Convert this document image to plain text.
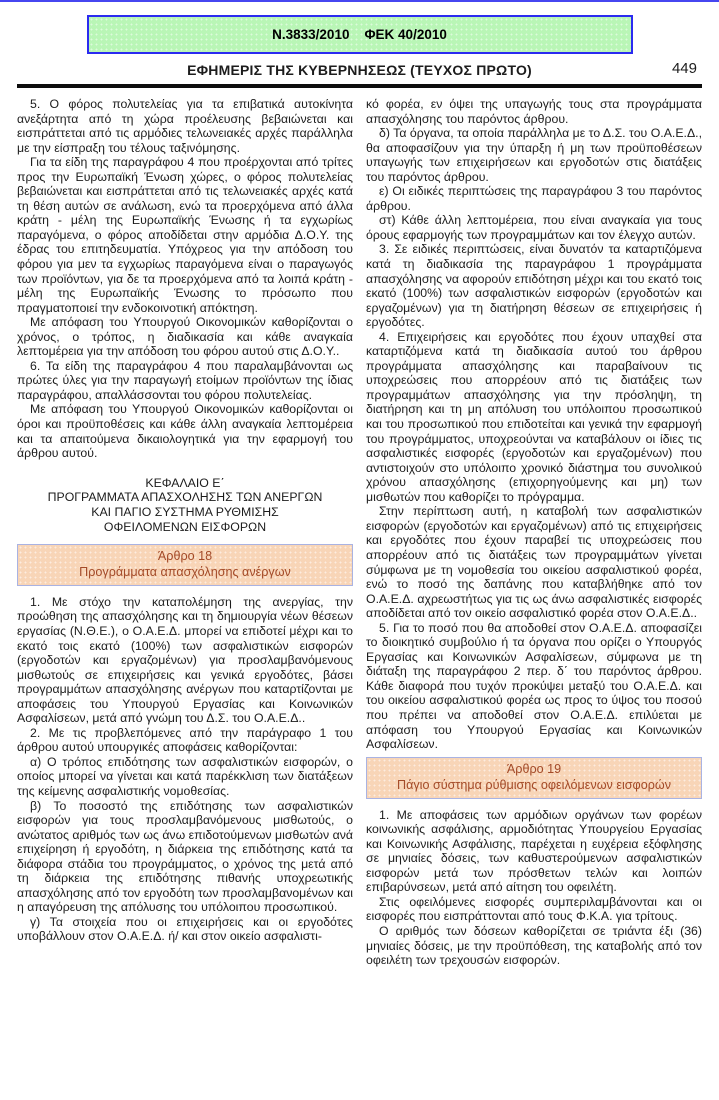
Ν.3833/2010 ΦΕΚ 40/2010
ΕΦΗΜΕΡΙΣ ΤΗΣ ΚΥΒΕΡΝΗΣΕΩΣ (ΤΕΥΧΟΣ ΠΡΩΤΟ)	449

5. Ο φόρος πολυτελείας για τα επιβατικά αυτοκίνητα ανεξάρτητα από τη χώρα προέλευσης βεβαιώνεται και εισπράττεται από τις αρμόδιες τελωνειακές αρχές παράλληλα με την είσπραξη του τέλους ταξινόμησης.

Για τα είδη της παραγράφου 4 που προέρχονται από τρίτες προς την Ευρωπαϊκή Ένωση χώρες, ο φόρος πολυτελείας βεβαιώνεται και εισπράττεται από τις τελωνειακές αρχές κατά τη θέση αυτών σε ανάλωση, ενώ τα προερχόμενα από άλλα κράτη - μέλη της Ευρωπαϊκής Ένωσης ή τα εγχωρίως παραγόμενα, ο φόρος αποδίδεται στην αρμόδια Δ.Ο.Υ. της έδρας του επιτηδευματία. Υπόχρεος για την απόδοση του φόρου για μεν τα εγχωρίως παραγόμενα είναι ο παραγωγός των προϊόντων, για δε τα προερχόμενα από τα λοιπά κράτη - μέλη της Ευρωπαϊκής Ένωσης το πρόσωπο που πραγματοποιεί την ενδοκοινοτική απόκτηση.

Με απόφαση του Υπουργού Οικονομικών καθορίζονται ο χρόνος, ο τρόπος, η διαδικασία και κάθε αναγκαία λεπτομέρεια για την απόδοση του φόρου αυτού στις Δ.Ο.Υ..

6. Τα είδη της παραγράφου 4 που παραλαμβάνονται ως πρώτες ύλες για την παραγωγή ετοίμων προϊόντων της ίδιας παραγράφου, απαλλάσσονται του φόρου πολυτελείας.

Με απόφαση του Υπουργού Οικονομικών καθορίζονται οι όροι και προϋποθέσεις και κάθε άλλη αναγκαία λεπτομέρεια και τα απαιτούμενα δικαιολογητικά για την εφαρμογή του άρθρου αυτού.

ΚΕΦΑΛΑΙΟ Ε΄
ΠΡΟΓΡΑΜΜΑΤΑ ΑΠΑΣΧΟΛΗΣΗΣ ΤΩΝ ΑΝΕΡΓΩΝ
ΚΑΙ ΠΑΓΙΟ ΣΥΣΤΗΜΑ ΡΥΘΜΙΣΗΣ
ΟΦΕΙΛΟΜΕΝΩΝ ΕΙΣΦΟΡΩΝ
Άρθρο 18
Προγράμματα απασχόλησης ανέργων

1. Με στόχο την καταπολέμηση της ανεργίας, την προώθηση της απασχόλησης και τη δημιουργία νέων θέσεων εργασίας (Ν.Θ.Ε.), ο Ο.Α.Ε.Δ. μπορεί να επιδοτεί μέχρι και το εκατό τοις εκατό (100%) των ασφαλιστικών εισφορών (εργοδοτών και εργαζομένων) για προσλαμβανόμενους μισθωτούς σε επιχειρήσεις και γενικά εργοδότες, βάσει προγραμμάτων απασχόλησης ανέργων που καταρτίζονται με αποφάσεις του Υπουργού Εργασίας και Κοινωνικών Ασφαλίσεων, μετά από γνώμη του Δ.Σ. του Ο.Α.Ε.Δ..

2. Με τις προβλεπόμενες από την παράγραφο 1 του άρθρου αυτού υπουργικές αποφάσεις καθορίζονται:

α) Ο τρόπος επιδότησης των ασφαλιστικών εισφορών, ο οποίος μπορεί να γίνεται και κατά παρέκκλιση των διατάξεων της κείμενης ασφαλιστικής νομοθεσίας.

β) Το ποσοστό της επιδότησης των ασφαλιστικών εισφορών για τους προσλαμβανόμενους μισθωτούς, ο ανώτατος αριθμός των ως άνω επιδοτούμενων μισθωτών ανά επιχείρηση ή εργοδότη, η διάρκεια της επιδότησης κατά τα διάφορα στάδια του προγράμματος, ο χρόνος της μετά από τη διάρκεια της επιδότησης πιθανής υποχρεωτικής απασχόλησης από τον εργοδότη των προσλαμβανομένων και η απαγόρευση της απόλυσης του υπόλοιπου προσωπικού.

γ) Τα στοιχεία που οι επιχειρήσεις και οι εργοδότες υποβάλλουν στον Ο.Α.Ε.Δ. ή/ και στον οικείο ασφαλιστι-

κό φορέα, εν όψει της υπαγωγής τους στα προγράμματα απασχόλησης του παρόντος άρθρου.

δ) Τα όργανα, τα οποία παράλληλα με το Δ.Σ. του Ο.Α.Ε.Δ., θα αποφασίζουν για την ύπαρξη ή μη των προϋποθέσεων υπαγωγής των επιχειρήσεων και εργοδοτών στις διατάξεις του παρόντος άρθρου.

ε) Οι ειδικές περιπτώσεις της παραγράφου 3 του παρόντος άρθρου.

στ) Κάθε άλλη λεπτομέρεια, που είναι αναγκαία για τους όρους εφαρμογής των προγραμμάτων και τον έλεγχο αυτών.

3. Σε ειδικές περιπτώσεις, είναι δυνατόν τα καταρτιζόμενα κατά τη διαδικασία της παραγράφου 1 προγράμματα απασχόλησης να αφορούν επιδότηση μέχρι και του εκατό τοις εκατό (100%) των ασφαλιστικών εισφορών (εργοδοτών και εργαζομένων) για τη διατήρηση θέσεων σε επιχειρήσεις ή εργοδότες.

4. Επιχειρήσεις και εργοδότες που έχουν υπαχθεί στα καταρτιζόμενα κατά τη διαδικασία αυτού του άρθρου προγράμματα απασχόλησης και παραβαίνουν τις υποχρεώσεις που απορρέουν από τις διατάξεις των προγραμμάτων απασχόλησης για την πρόσληψη, τη διατήρηση και τη μη απόλυση του υπόλοιπου προσωπικού και του προσωπικού που επιδοτείται και γενικά την εφαρμογή του προγράμματος, υποχρεούνται να καταβάλουν οι ίδιες τις ασφαλιστικές εισφορές (εργοδοτών και εργαζομένων) που αντιστοιχούν στο υπόλοιπο χρονικό διάστημα του συνολικού χρόνου απασχόλησης (επιχορηγούμενης και μη) των μισθωτών που καθορίζει το πρόγραμμα.

Στην περίπτωση αυτή, η καταβολή των ασφαλιστικών εισφορών (εργοδοτών και εργαζομένων) από τις επιχειρήσεις και εργοδότες που έχουν παραβεί τις υποχρεώσεις που απορρέουν από τις διατάξεις των προγραμμάτων γίνεται σύμφωνα με τη νομοθεσία του οικείου ασφαλιστικού φορέα, ενώ το ποσό της δαπάνης που καταβλήθηκε από τον Ο.Α.Ε.Δ. αχρεωστήτως για τις ως άνω ασφαλιστικές εισφορές αποδίδεται από τον οικείο ασφαλιστικό φορέα στον Ο.Α.Ε.Δ..

5. Για το ποσό που θα αποδοθεί στον Ο.Α.Ε.Δ. αποφασίζει το διοικητικό συμβούλιο ή τα όργανα που ορίζει ο Υπουργός Εργασίας και Κοινωνικών Ασφαλίσεων, σύμφωνα με τη διάταξη της παραγράφου 2 περ. δ΄ του παρόντος άρθρου. Κάθε διαφορά που τυχόν προκύψει μεταξύ του Ο.Α.Ε.Δ. και του οικείου ασφαλιστικού φορέα ως προς το ύψος του ποσού που πρέπει να αποδοθεί στον Ο.Α.Ε.Δ. επιλύεται με απόφαση του Υπουργού Εργασίας και Κοινωνικών Ασφαλίσεων.

Άρθρο 19
Πάγιο σύστημα ρύθμισης οφειλόμενων εισφορών

1. Με αποφάσεις των αρμόδιων οργάνων των φορέων κοινωνικής ασφάλισης, αρμοδιότητας Υπουργείου Εργασίας και Κοινωνικής Ασφάλισης, παρέχεται η ευχέρεια εξόφλησης σε μηνιαίες δόσεις, των καθυστερούμενων ασφαλιστικών εισφορών μετά των πρόσθετων τελών και λοιπών επιβαρύνσεων, μετά από αίτηση του οφειλέτη.

Στις οφειλόμενες εισφορές συμπεριλαμβάνονται και οι εισφορές που εισπράττονται από τους Φ.Κ.Α. για τρίτους.

Ο αριθμός των δόσεων καθορίζεται σε τριάντα έξι (36) μηνιαίες δόσεις, με την προϋπόθεση, της καταβολής από τον οφειλέτη των τρεχουσών εισφορών.
